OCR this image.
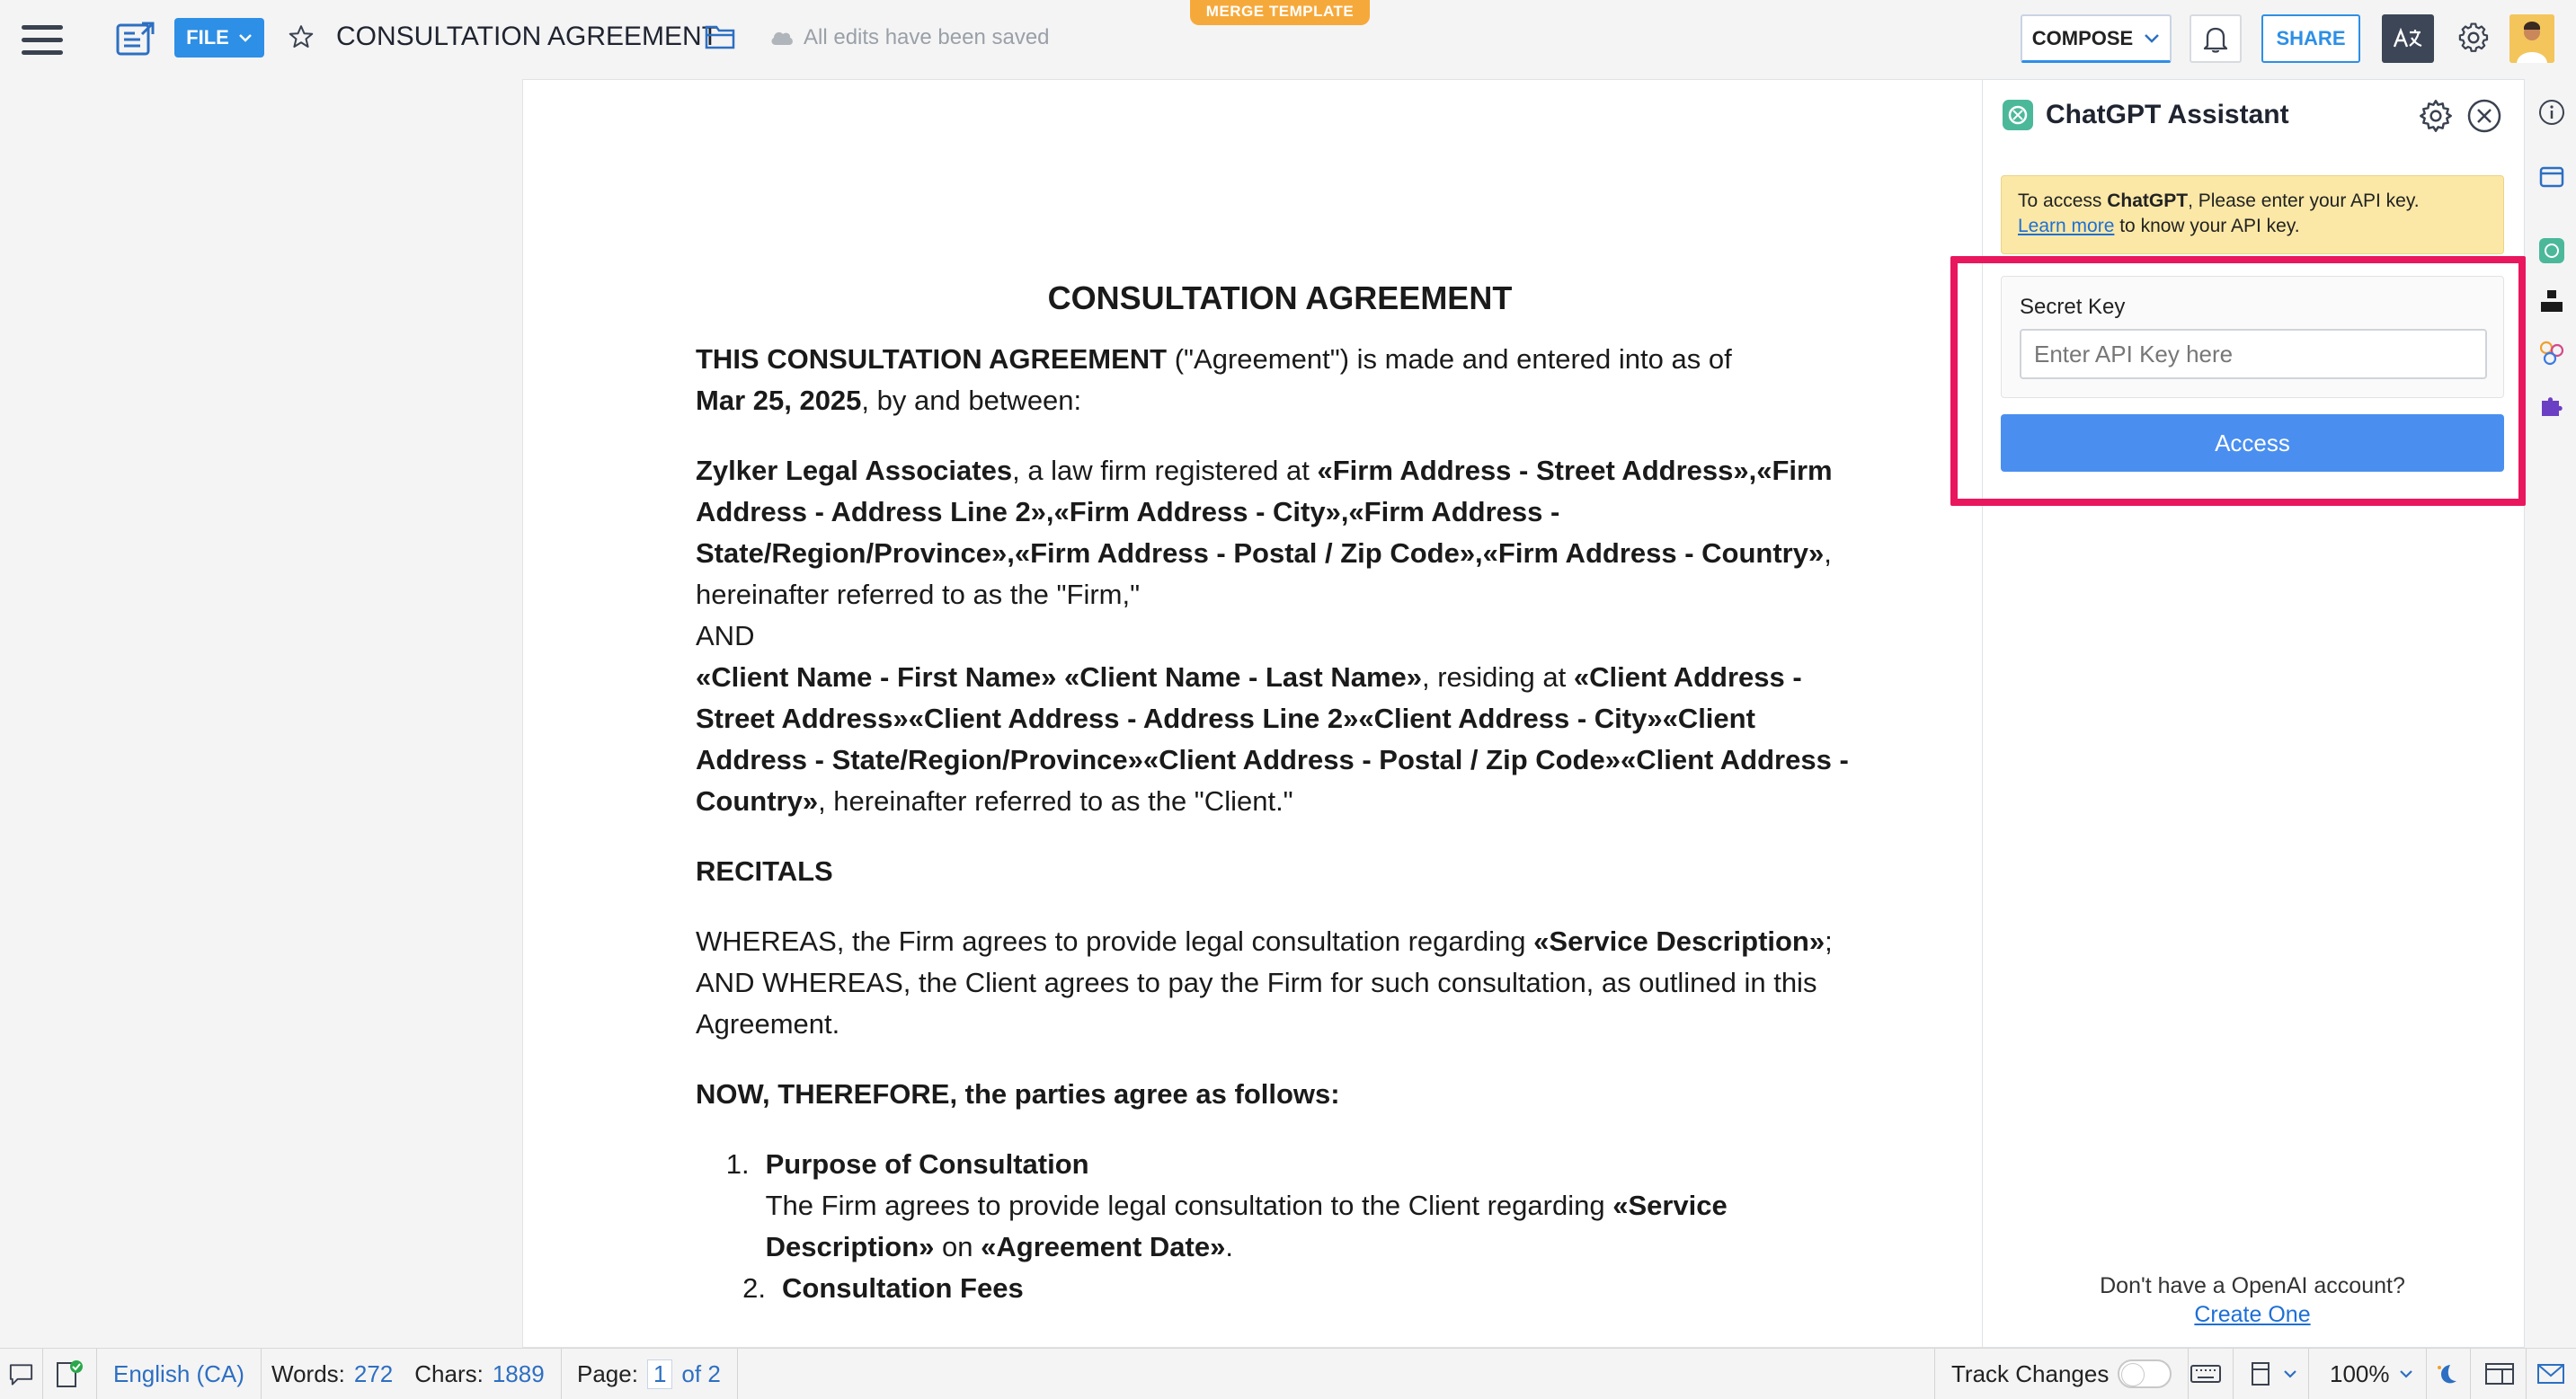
FILE	CONSULTATION AGREEMENT	All edits have been saved
MERGE TEMPLATE
COMPOSE	SHARE
CONSULTATION AGREEMENT

THIS CONSULTATION AGREEMENT ("Agreement") is made and entered into as of
Mar 25, 2025, by and between:

Zylker Legal Associates, a law firm registered at «Firm Address - Street Address»,«Firm Address - Address Line 2»,«Firm Address - City»,«Firm Address - State/Region/Province»,«Firm Address - Postal / Zip Code»,«Firm Address - Country»,
hereinafter referred to as the "Firm,"
AND
«Client Name - First Name» «Client Name - Last Name», residing at «Client Address - Street Address»«Client Address - Address Line 2»«Client Address - City»«Client Address - State/Region/Province»«Client Address - Postal / Zip Code»«Client Address - Country», hereinafter referred to as the "Client."

RECITALS

WHEREAS, the Firm agrees to provide legal consultation regarding «Service Description»;
AND WHEREAS, the Client agrees to pay the Firm for such consultation, as outlined in this Agreement.

NOW, THEREFORE, the parties agree as follows:

1. Purpose of Consultation
The Firm agrees to provide legal consultation to the Client regarding «Service Description» on «Agreement Date».
2. Consultation Fees
ChatGPT Assistant
To access ChatGPT, Please enter your API key.
Learn more to know your API key.
Secret Key
Enter API Key here
Access
Don't have a OpenAI account?
Create One
English (CA) Words: 272 Chars: 1889 Page: 1 of 2	Track Changes	100%
